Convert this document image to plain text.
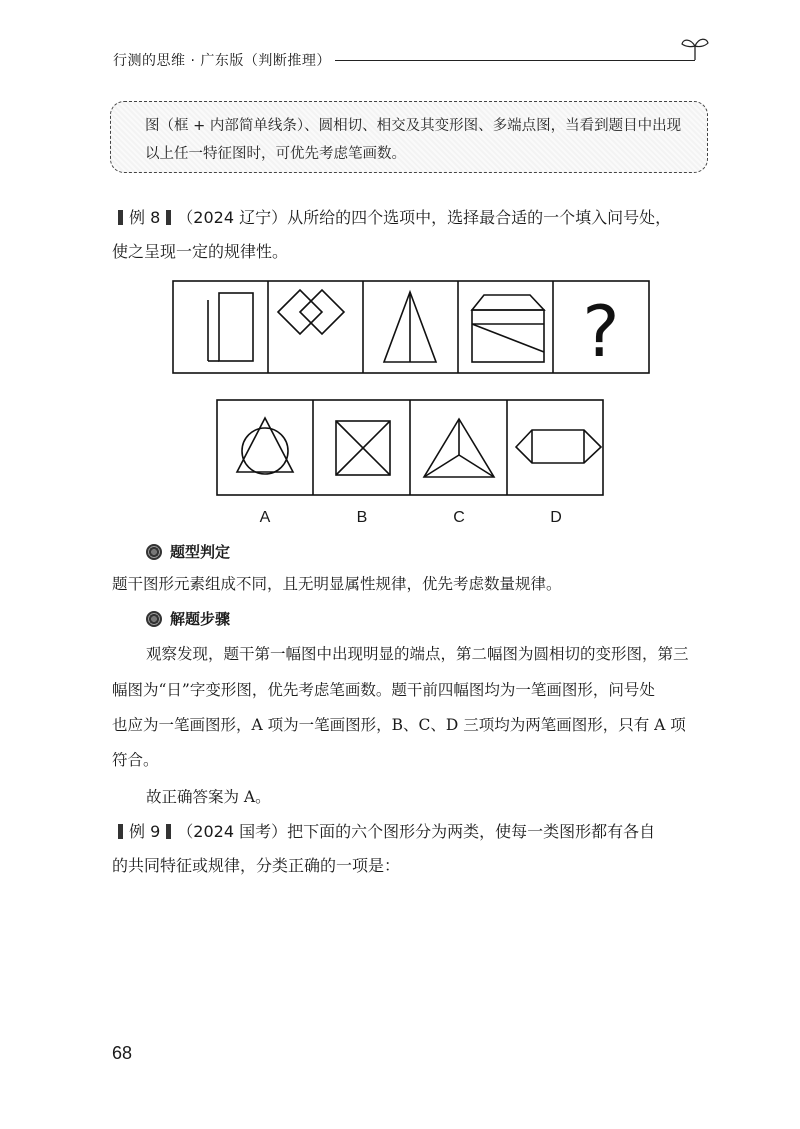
行测的思维 · 广东版（判断推理）
图（框 + 内部简单线条）、圆相切、相交及其变形图、多端点图，当看到题目中出现
以上任一特征图时，可优先考虑笔画数。
例 8 （2024 辽宁）从所给的四个选项中，选择最合适的一个填入问号处，
使之呈现一定的规律性。
?
A	B	C	D
题型判定
题干图形元素组成不同，且无明显属性规律，优先考虑数量规律。
解题步骤
观察发现，题干第一幅图中出现明显的端点，第二幅图为圆相切的变形图，第三
幅图为“日”字变形图，优先考虑笔画数。题干前四幅图均为一笔画图形，问号处
也应为一笔画图形，A 项为一笔画图形，B、C、D 三项均为两笔画图形，只有 A 项
符合。
故正确答案为 A。
例 9 （2024 国考）把下面的六个图形分为两类，使每一类图形都有各自
的共同特征或规律，分类正确的一项是：
68
